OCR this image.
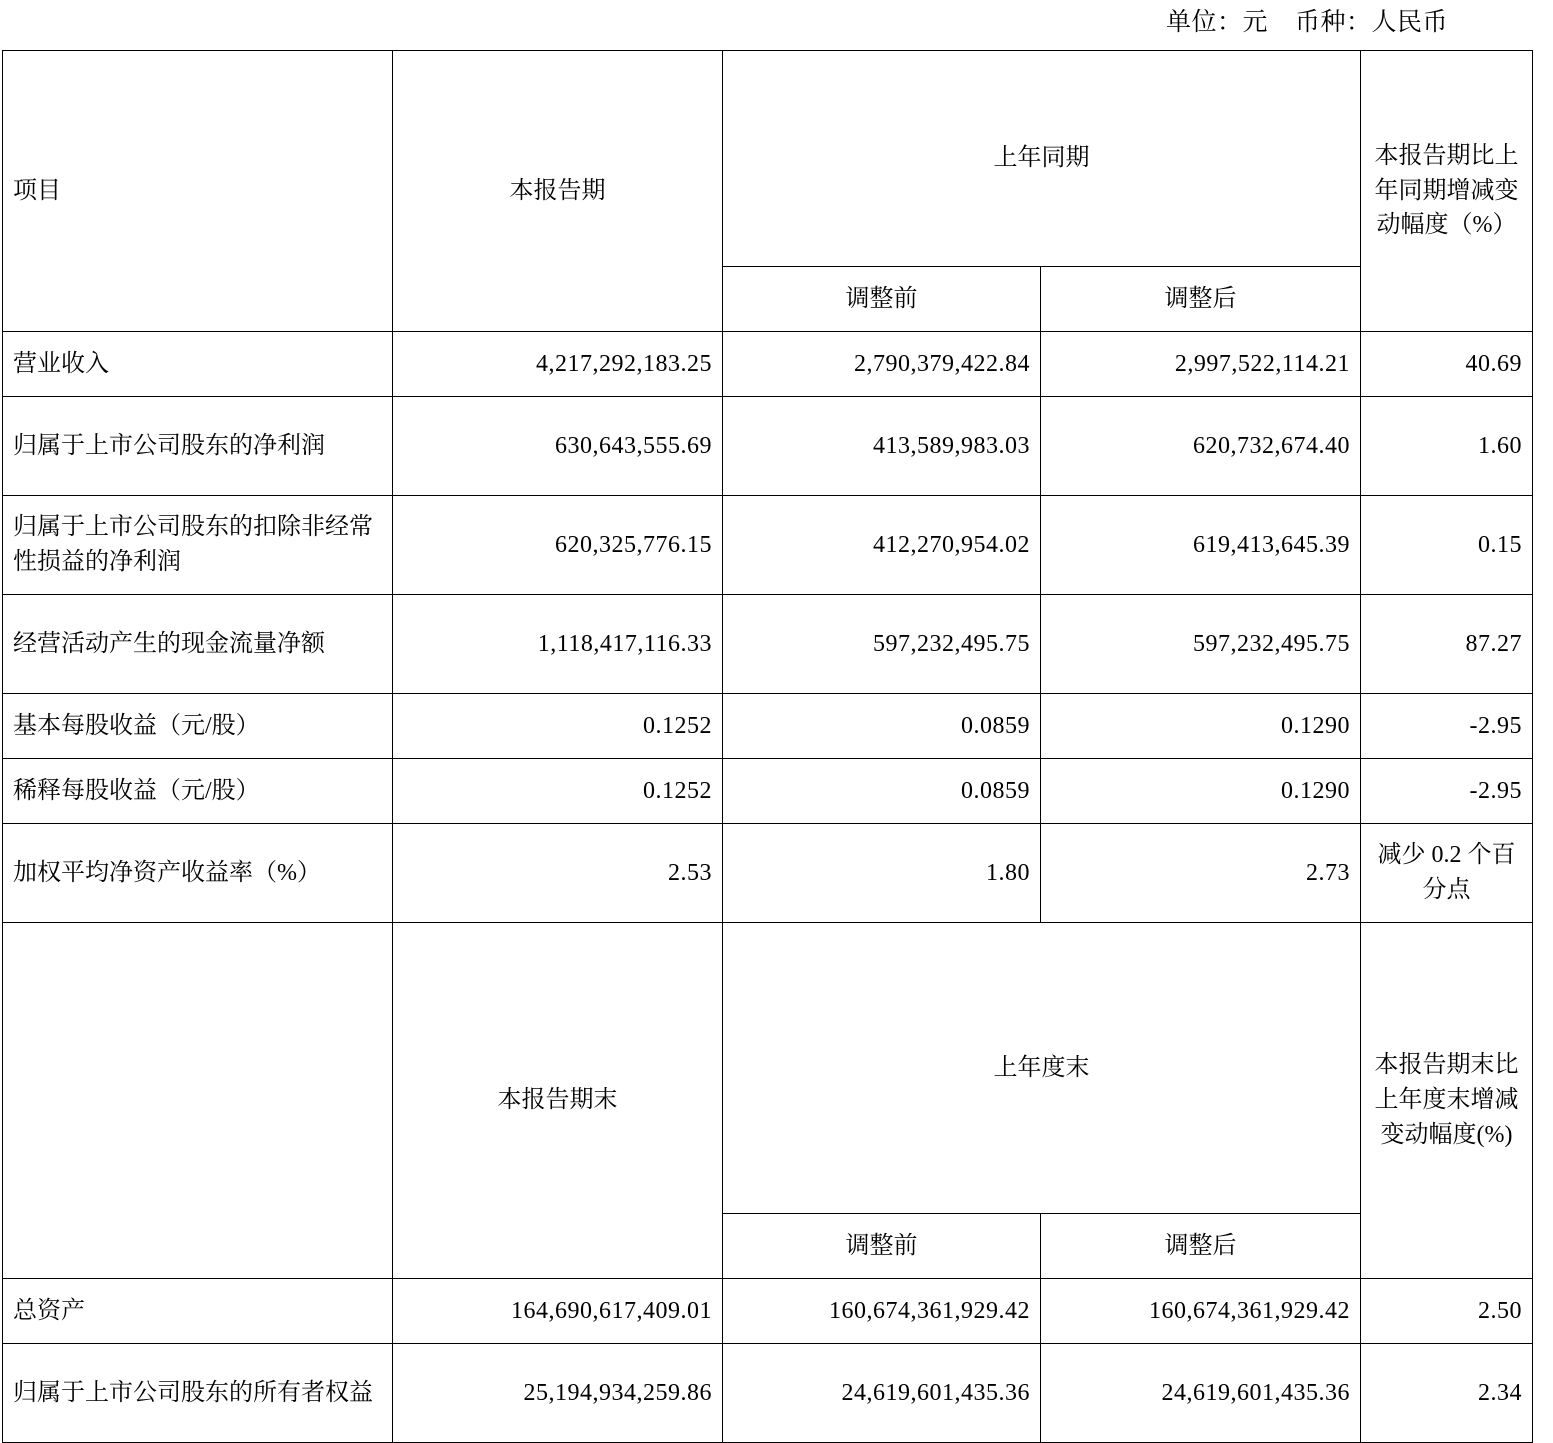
单位：元    币种：人民币
项目	本报告期	上年同期		本报告期比上年同期增减变动幅度（%）
		调整前	调整后	
营业收入	4,217,292,183.25	2,790,379,422.84	2,997,522,114.21	40.69
归属于上市公司股东的净利润	630,643,555.69	413,589,983.03	620,732,674.40	1.60
归属于上市公司股东的扣除非经常性损益的净利润	620,325,776.15	412,270,954.02	619,413,645.39	0.15
经营活动产生的现金流量净额	1,118,417,116.33	597,232,495.75	597,232,495.75	87.27
基本每股收益（元/股）	0.1252	0.0859	0.1290	-2.95
稀释每股收益（元/股）	0.1252	0.0859	0.1290	-2.95
加权平均净资产收益率（%）	2.53	1.80	2.73	减少 0.2 个百分点
	本报告期末	上年度末		本报告期末比上年度末增减变动幅度(%)
		调整前	调整后	
总资产	164,690,617,409.01	160,674,361,929.42	160,674,361,929.42	2.50
归属于上市公司股东的所有者权益	25,194,934,259.86	24,619,601,435.36	24,619,601,435.36	2.34
